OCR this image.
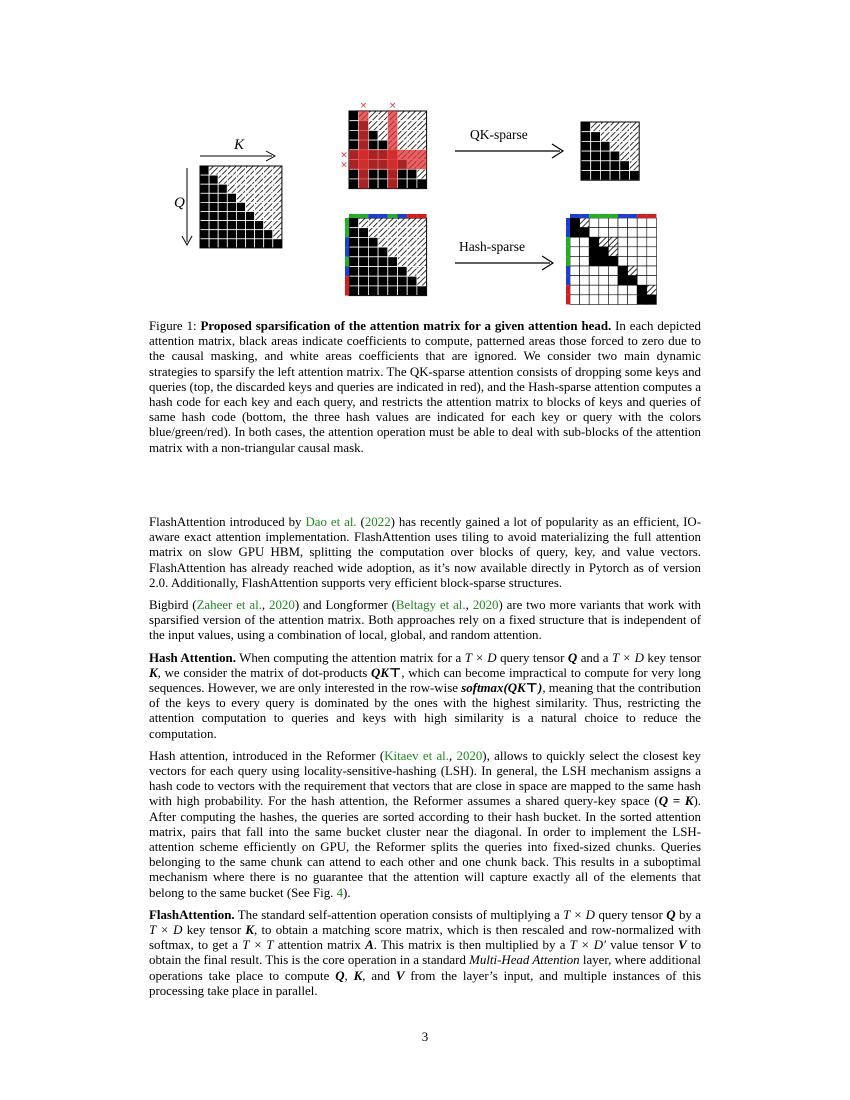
× ×
×
×
K
Q
QK-sparse
Hash-sparse
Figure 1: Proposed sparsification of the attention matrix for a given attention head. In each depicted attention matrix, black areas indicate coefficients to compute, patterned areas those forced to zero due to the causal masking, and white areas coefficients that are ignored. We consider two main dynamic strategies to sparsify the left attention matrix. The QK-sparse attention consists of dropping some keys and queries (top, the discarded keys and queries are indicated in red), and the Hash-sparse attention computes a hash code for each key and each query, and restricts the attention matrix to blocks of keys and queries of same hash code (bottom, the three hash values are indicated for each key or query with the colors blue/green/red). In both cases, the attention operation must be able to deal with sub-blocks of the attention matrix with a non-triangular causal mask.

FlashAttention introduced by Dao et al. (2022) has recently gained a lot of popularity as an efficient, IO-aware exact attention implementation. FlashAttention uses tiling to avoid materializing the full attention matrix on slow GPU HBM, splitting the computation over blocks of query, key, and value vectors. FlashAttention has already reached wide adoption, as it’s now available directly in Pytorch as of version 2.0. Additionally, FlashAttention supports very efficient block-sparse structures.

Bigbird (Zaheer et al., 2020) and Longformer (Beltagy et al., 2020) are two more variants that work with sparsified version of the attention matrix. Both approaches rely on a fixed structure that is independent of the input values, using a combination of local, global, and random attention.

Hash Attention. When computing the attention matrix for a T × D query tensor Q and a T × D key tensor K, we consider the matrix of dot-products QK⊤, which can become impractical to compute for very long sequences. However, we are only interested in the row-wise softmax(QK⊤), meaning that the contribution of the keys to every query is dominated by the ones with the highest similarity. Thus, restricting the attention computation to queries and keys with high similarity is a natural choice to reduce the computation.

Hash attention, introduced in the Reformer (Kitaev et al., 2020), allows to quickly select the closest key vectors for each query using locality-sensitive-hashing (LSH). In general, the LSH mechanism assigns a hash code to vectors with the requirement that vectors that are close in space are mapped to the same hash with high probability. For the hash attention, the Reformer assumes a shared query-key space (Q = K). After computing the hashes, the queries are sorted according to their hash bucket. In the sorted attention matrix, pairs that fall into the same bucket cluster near the diagonal. In order to implement the LSH-attention scheme efficiently on GPU, the Reformer splits the queries into fixed-sized chunks. Queries belonging to the same chunk can attend to each other and one chunk back. This results in a suboptimal mechanism where there is no guarantee that the attention will capture exactly all of the elements that belong to the same bucket (See Fig. 4).

FlashAttention. The standard self-attention operation consists of multiplying a T × D query tensor Q by a T × D key tensor K, to obtain a matching score matrix, which is then rescaled and row-normalized with softmax, to get a T × T attention matrix A. This matrix is then multiplied by a T × D′ value tensor V to obtain the final result. This is the core operation in a standard Multi-Head Attention layer, where additional operations take place to compute Q, K, and V from the layer’s input, and multiple instances of this processing take place in parallel.

3
